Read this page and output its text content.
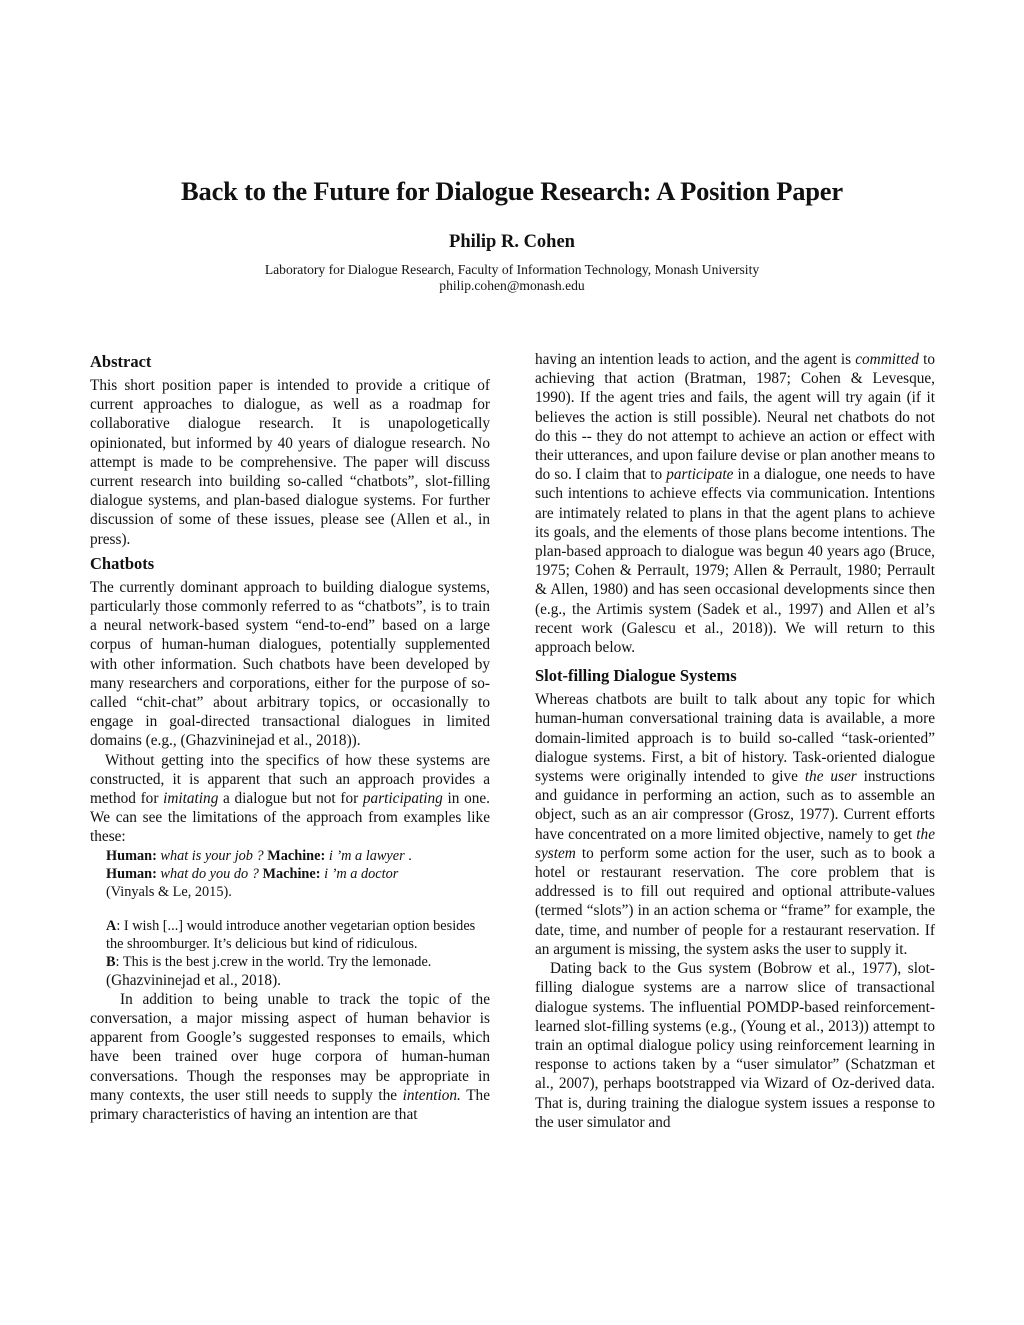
Back to the Future for Dialogue Research: A Position Paper
Philip R. Cohen
Laboratory for Dialogue Research, Faculty of Information Technology, Monash University
philip.cohen@monash.edu
Abstract

This short position paper is intended to provide a critique of current approaches to dialogue, as well as a roadmap for collaborative dialogue research. It is unapologetically opinionated, but informed by 40 years of dialogue research. No attempt is made to be comprehensive. The paper will discuss current research into building so-called “chatbots”, slot-filling dialogue systems, and plan-based dialogue systems. For further discussion of some of these issues, please see (Allen et al., in press).

Chatbots

The currently dominant approach to building dialogue systems, particularly those commonly referred to as “chatbots”, is to train a neural network-based system “end-to-end” based on a large corpus of human-human dialogues, potentially supplemented with other information. Such chatbots have been developed by many researchers and corporations, either for the purpose of so-called “chit-chat” about arbitrary topics, or occasionally to engage in goal-directed transactional dialogues in limited domains (e.g., (Ghazvininejad et al., 2018)).

Without getting into the specifics of how these systems are constructed, it is apparent that such an approach provides a method for imitating a dialogue but not for participating in one. We can see the limitations of the approach from examples like these:

Human: what is your job ? Machine: i ’m a lawyer .
Human: what do you do ? Machine: i ’m a doctor
(Vinyals & Le, 2015).
A: I wish [...] would introduce another vegetarian option besides the shroomburger. It’s delicious but kind of ridiculous.
B: This is the best j.crew in the world. Try the lemonade.
(Ghazvininejad et al., 2018).

In addition to being unable to track the topic of the conversation, a major missing aspect of human behavior is apparent from Google’s suggested responses to emails, which have been trained over huge corpora of human-human conversations. Though the responses may be appropriate in many contexts, the user still needs to supply the intention. The primary characteristics of having an intention are that

having an intention leads to action, and the agent is committed to achieving that action (Bratman, 1987; Cohen & Levesque, 1990). If the agent tries and fails, the agent will try again (if it believes the action is still possible). Neural net chatbots do not do this -- they do not attempt to achieve an action or effect with their utterances, and upon failure devise or plan another means to do so. I claim that to participate in a dialogue, one needs to have such intentions to achieve effects via communication. Intentions are intimately related to plans in that the agent plans to achieve its goals, and the elements of those plans become intentions. The plan-based approach to dialogue was begun 40 years ago (Bruce, 1975; Cohen & Perrault, 1979; Allen & Perrault, 1980; Perrault & Allen, 1980) and has seen occasional developments since then (e.g., the Artimis system (Sadek et al., 1997) and Allen et al’s recent work (Galescu et al., 2018)). We will return to this approach below.

Slot-filling Dialogue Systems

Whereas chatbots are built to talk about any topic for which human-human conversational training data is available, a more domain-limited approach is to build so-called “task-oriented” dialogue systems. First, a bit of history. Task-oriented dialogue systems were originally intended to give the user instructions and guidance in performing an action, such as to assemble an object, such as an air compressor (Grosz, 1977). Current efforts have concentrated on a more limited objective, namely to get the system to perform some action for the user, such as to book a hotel or restaurant reservation. The core problem that is addressed is to fill out required and optional attribute-values (termed “slots”) in an action schema or “frame” for example, the date, time, and number of people for a restaurant reservation. If an argument is missing, the system asks the user to supply it.

Dating back to the Gus system (Bobrow et al., 1977), slot-filling dialogue systems are a narrow slice of transactional dialogue systems. The influential POMDP-based reinforcement-learned slot-filling systems (e.g., (Young et al., 2013)) attempt to train an optimal dialogue policy using reinforcement learning in response to actions taken by a “user simulator” (Schatzman et al., 2007), perhaps bootstrapped via Wizard of Oz-derived data. That is, during training the dialogue system issues a response to the user simulator and
